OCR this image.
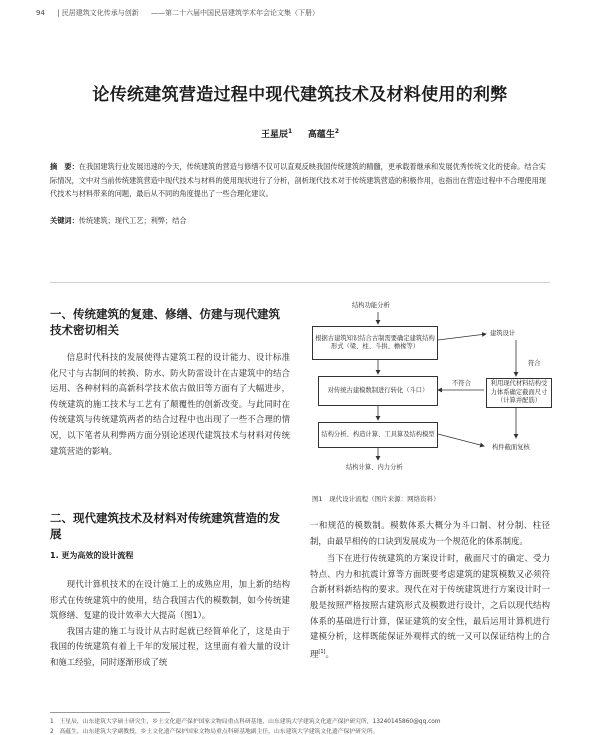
94 | 民居建筑文化传承与创新 ——第二十六届中国民居建筑学术年会论文集（下册）
论传统建筑营造过程中现代建筑技术及材料使用的利弊
王星辰$^1$ 高蕴生$^2$
摘　要：在我国建筑行业发展迅速的今天，传统建筑的营造与修缮不仅可以直观反映我国传统建筑的精髓，更承载着继承和发展优秀传统文化的使命。结合实际情况，文中对当前传统建筑营造中现代技术与材料的使用现状进行了分析，剖析现代技术对于传统建筑营造的积极作用，也指出在营造过程中不合理使用现代技术与材料带来的问题，最后从不同的角度提出了一些合理化建议。
关键词：传统建筑；现代工艺；利弊；结合
一、传统建筑的复建、修缮、仿建与现代建筑技术密切相关

信息时代科技的发展使得古建筑工程的设计能力、设计标准化尺寸与古制间的转换、防水、防火防雷设计在古建筑中的结合运用、各种材料的高新科学技术依古做旧等方面有了大幅进步，传统建筑的施工技术与工艺有了颠覆性的创新改变。与此同时在传统建筑与传统建筑两者的结合过程中也出现了一些不合理的情况，以下笔者从利弊两方面分别论述现代建筑技术与材料对传统建筑营造的影响。

二、现代建筑技术及材料对传统建筑营造的发展
1. 更为高效的设计流程

现代计算机技术的在设计施工上的成熟应用，加上新的结构形式在传统建筑中的使用，结合我国古代的模数制，如今传统建筑修缮、复建的设计效率大大提高（图1）。

我国古建的施工与设计从古时起就已经简单化了，这是由于我国的传统建筑有着上千年的发展过程，这里面有着大量的设计和施工经验，同时逐渐形成了统

结构功能分析
根据古建筑知识结合古制需要确定建筑结构形式（梁、柱、斗拱、檐椽等）
对传统古建模数制进行转化（斗口）
结构分析、构造计算、工具算及结构模型
结构计算、内力分析
建筑设计
利用现代材料结构受力体系确定截面尺寸（计算并配筋）
构件截面复核
不符合
符合
图1　现代设计流程（图片来源：网络资料）
一和规范的模数制。模数体系大概分为斗口制、材分制、柱径制，由最早相传的口诀到发展成为一个规范化的体系制度。

当下在进行传统建筑的方案设计时，截面尺寸的确定、受力特点、内力和抗震计算等方面既要考虑建筑的建筑模数又必须符合新材料新结构的要求。现代在对于传统建筑进行方案设计时一般是按照严格按照古建筑形式及模数进行设计，之后以现代结构体系的基础进行计算，保证建筑的安全性，最后运用计算机进行建模分析，这样既能保证外观样式的统一又可以保证结构上的合理[1]。

1　王星辰，山东建筑大学硕士研究生，乡土文化遗产保护国家文物局重点科研基地，山东建筑大学建筑文化遗产保护研究所，13240145860@qq.com
2　高蕴生，山东建筑大学副教授，乡土文化遗产保护国家文物局重点科研基地副主任，山东建筑大学建筑文化遗产保护研究所。
